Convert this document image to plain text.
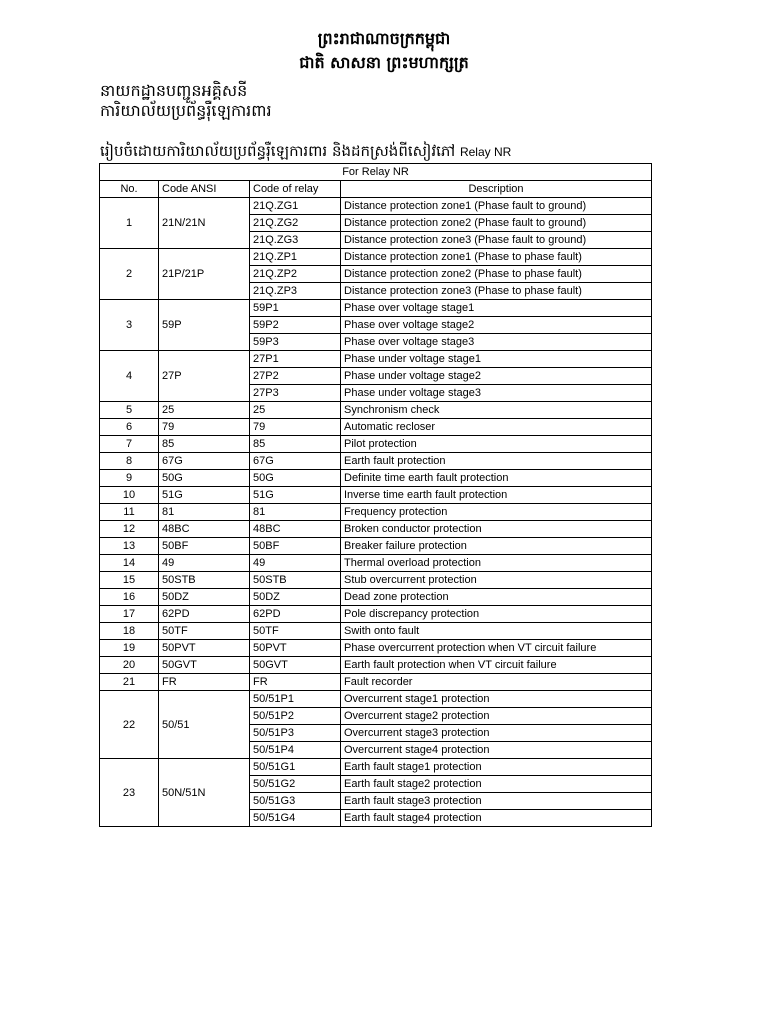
ព្រះរាជាណាចក្រកម្ពុជា
ជាតិ សាសនា ព្រះមហាក្សត្រ
នាយកដ្ឋានបញ្ជូនអគ្គិសនី
ការិយាល័យប្រព័ន្ធរ៉ឺឡេការពារ
រៀបចំដោយការិយាល័យប្រព័ន្ធរ៉ឺឡេការពារ និងដកស្រង់ពីសៀវភៅ Relay NR
For Relay NR			
No.	Code ANSI	Code of relay	Description
1	21N/21N	21Q.ZG1	Distance protection zone1 (Phase fault to ground)
		21Q.ZG2	Distance protection zone2 (Phase fault to ground)
		21Q.ZG3	Distance protection zone3 (Phase fault to ground)
2	21P/21P	21Q.ZP1	Distance protection zone1 (Phase to phase fault)
		21Q.ZP2	Distance protection zone2 (Phase to phase fault)
		21Q.ZP3	Distance protection zone3 (Phase to phase fault)
3	59P	59P1	Phase over voltage stage1
		59P2	Phase over voltage stage2
		59P3	Phase over voltage stage3
4	27P	27P1	Phase under voltage stage1
		27P2	Phase under voltage stage2
		27P3	Phase under voltage stage3
5	25	25	Synchronism check
6	79	79	Automatic recloser
7	85	85	Pilot protection
8	67G	67G	Earth fault protection
9	50G	50G	Definite time earth fault protection
10	51G	51G	Inverse time earth fault protection
11	81	81	Frequency protection
12	48BC	48BC	Broken conductor protection
13	50BF	50BF	Breaker failure protection
14	49	49	Thermal overload protection
15	50STB	50STB	Stub overcurrent protection
16	50DZ	50DZ	Dead zone protection
17	62PD	62PD	Pole discrepancy protection
18	50TF	50TF	Swith onto fault
19	50PVT	50PVT	Phase overcurrent protection when VT circuit failure
20	50GVT	50GVT	Earth fault protection when VT circuit failure
21	FR	FR	Fault recorder
22	50/51	50/51P1	Overcurrent stage1 protection
		50/51P2	Overcurrent stage2 protection
		50/51P3	Overcurrent stage3 protection
		50/51P4	Overcurrent stage4 protection
23	50N/51N	50/51G1	Earth fault stage1 protection
		50/51G2	Earth fault stage2 protection
		50/51G3	Earth fault stage3 protection
		50/51G4	Earth fault stage4 protection
